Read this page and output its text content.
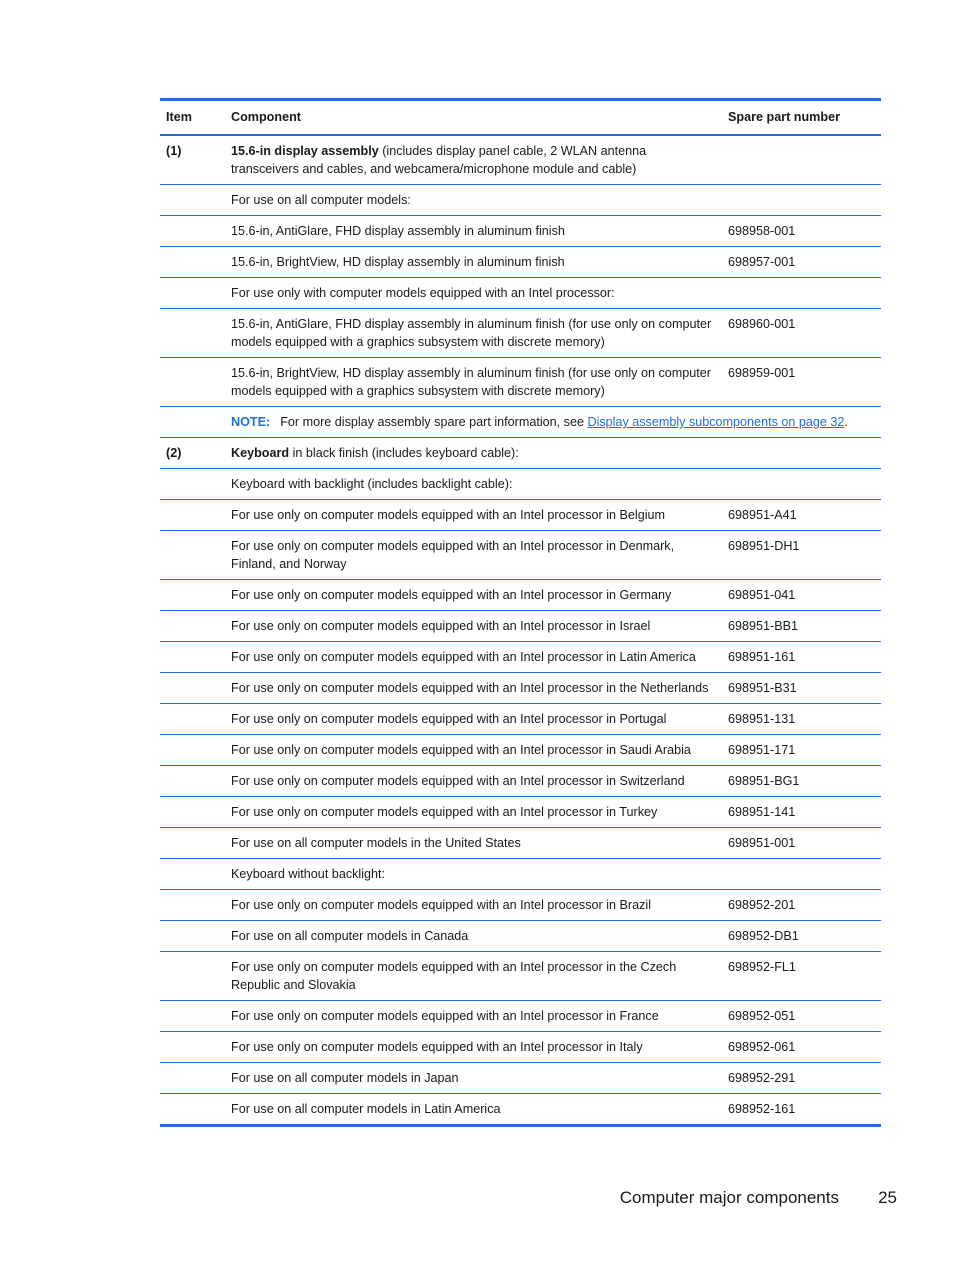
Item	Component	Spare part number
(1)	15.6-in display assembly (includes display panel cable, 2 WLAN antenna transceivers and cables, and webcamera/microphone module and cable)	
	For use on all computer models:	
	15.6-in, AntiGlare, FHD display assembly in aluminum finish	698958-001
	15.6-in, BrightView, HD display assembly in aluminum finish	698957-001
	For use only with computer models equipped with an Intel processor:	
	15.6-in, AntiGlare, FHD display assembly in aluminum finish (for use only on computer models equipped with a graphics subsystem with discrete memory)	698960-001
	15.6-in, BrightView, HD display assembly in aluminum finish (for use only on computer models equipped with a graphics subsystem with discrete memory)	698959-001
	NOTE: For more display assembly spare part information, see Display assembly subcomponents on page 32.	
(2)	Keyboard in black finish (includes keyboard cable):	
	Keyboard with backlight (includes backlight cable):	
	For use only on computer models equipped with an Intel processor in Belgium	698951-A41
	For use only on computer models equipped with an Intel processor in Denmark, Finland, and Norway	698951-DH1
	For use only on computer models equipped with an Intel processor in Germany	698951-041
	For use only on computer models equipped with an Intel processor in Israel	698951-BB1
	For use only on computer models equipped with an Intel processor in Latin America	698951-161
	For use only on computer models equipped with an Intel processor in the Netherlands	698951-B31
	For use only on computer models equipped with an Intel processor in Portugal	698951-131
	For use only on computer models equipped with an Intel processor in Saudi Arabia	698951-171
	For use only on computer models equipped with an Intel processor in Switzerland	698951-BG1
	For use only on computer models equipped with an Intel processor in Turkey	698951-141
	For use on all computer models in the United States	698951-001
	Keyboard without backlight:	
	For use only on computer models equipped with an Intel processor in Brazil	698952-201
	For use on all computer models in Canada	698952-DB1
	For use only on computer models equipped with an Intel processor in the Czech Republic and Slovakia	698952-FL1
	For use only on computer models equipped with an Intel processor in France	698952-051
	For use only on computer models equipped with an Intel processor in Italy	698952-061
	For use on all computer models in Japan	698952-291
	For use on all computer models in Latin America	698952-161
Computer major components 25
